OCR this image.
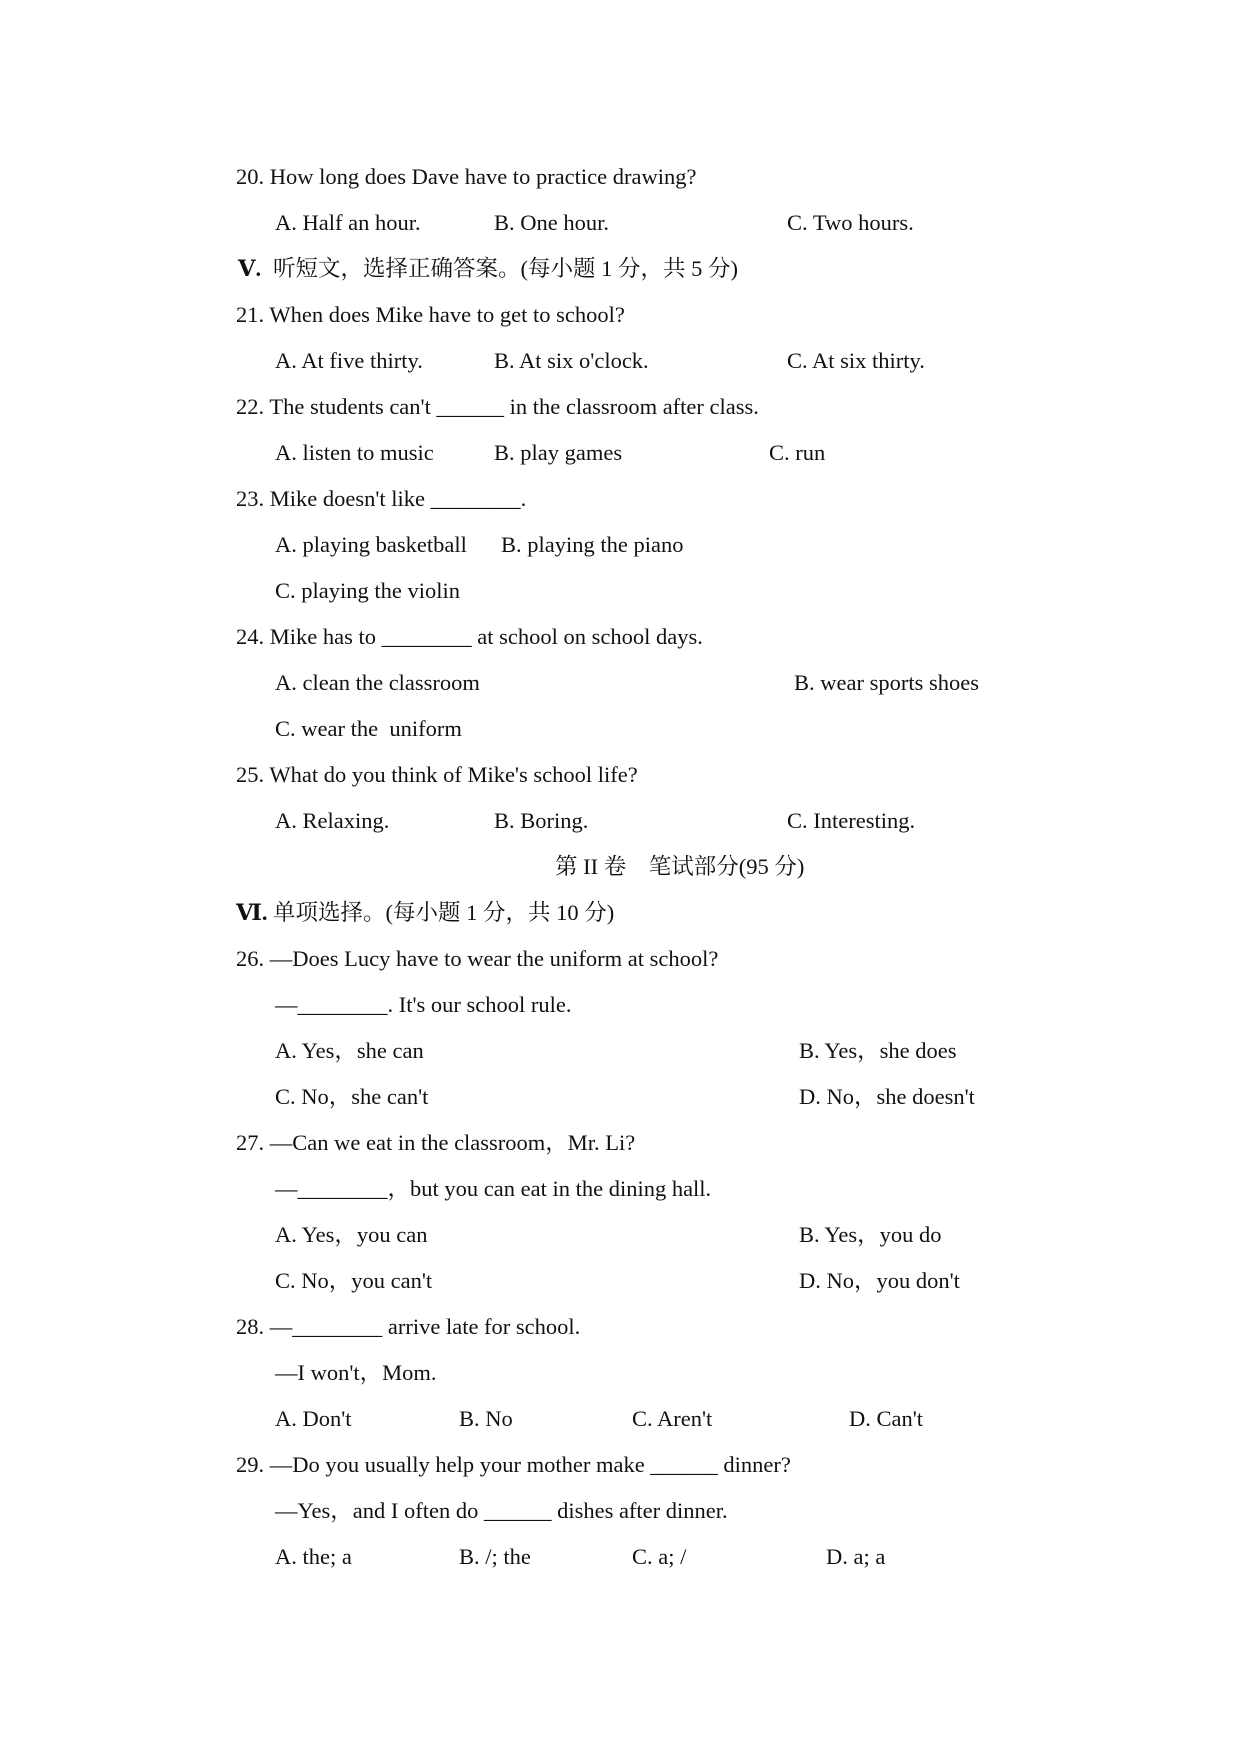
20. How long does Dave have to practice drawing?
A. Half an hour.	B. One hour.	C. Two hours.
Ⅴ. 听短文，选择正确答案。(每小题 1 分，共 5 分)
21. When does Mike have to get to school?
A. At five thirty.	B. At six o'clock.	C. At six thirty.
22. The students can't ______ in the classroom after class.
A. listen to music	B. play games	C. run
23. Mike doesn't like ________.
A. playing basketball B. playing the piano
C. playing the violin
24. Mike has to ________ at school on school days.
A. clean the classroom	B. wear sports shoes
C. wear the  uniform
25. What do you think of Mike's school life?
A. Relaxing.	B. Boring.	C. Interesting.
第 II 卷    笔试部分(95 分)
Ⅵ. 单项选择。(每小题 1 分，共 10 分)
26. —Does Lucy have to wear the uniform at school?
—________. It's our school rule.
A. Yes，she can	B. Yes，she does
C. No，she can't	D. No，she doesn't
27. —Can we eat in the classroom，Mr. Li?
—________，but you can eat in the dining hall.
A. Yes，you can	B. Yes，you do
C. No，you can't	D. No，you don't
28. —________ arrive late for school.
—I won't，Mom.
A. Don't	B. No	C. Aren't	D. Can't
29. —Do you usually help your mother make ______ dinner?
—Yes，and I often do ______ dishes after dinner.
A. the; a	B. /; the	C. a; /	D. a; a
